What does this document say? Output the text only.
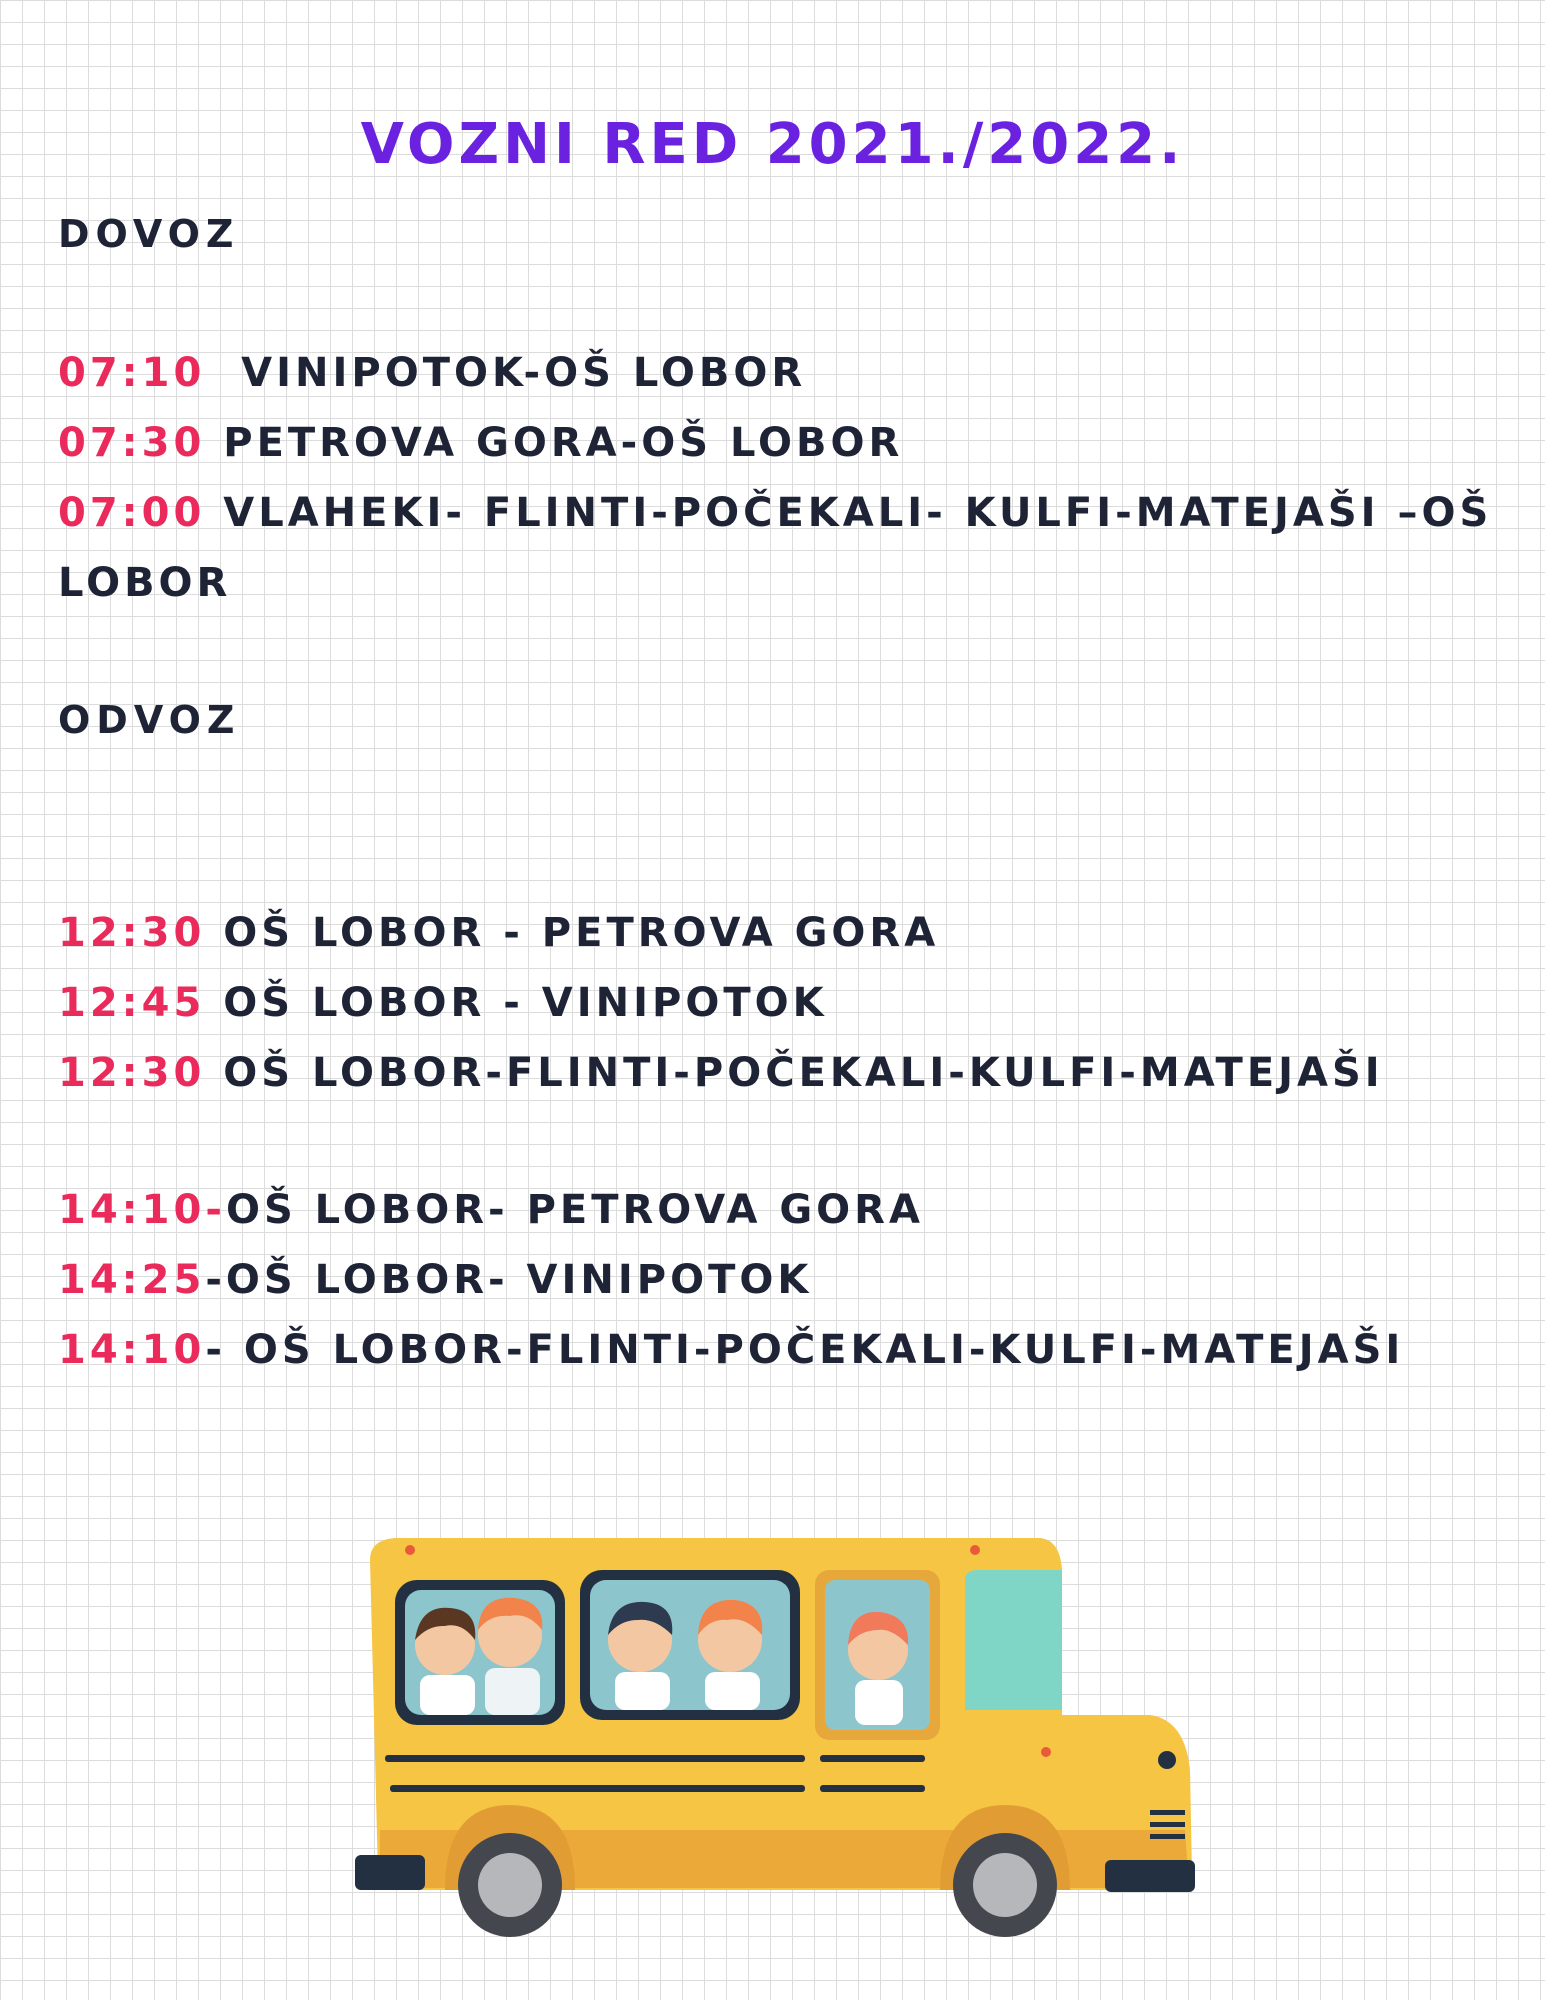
VOZNI RED 2021./2022.
DOVOZ

07:10  VINIPOTOK-OŠ LOBOR

07:30 PETROVA GORA-OŠ LOBOR

07:00 VLAHEKI- FLINTI-POČEKALI- KULFI-MATEJAŠI –OŠ LOBOR

ODVOZ

12:30 OŠ LOBOR - PETROVA GORA

12:45 OŠ LOBOR - VINIPOTOK

12:30 OŠ LOBOR-FLINTI-POČEKALI-KULFI-MATEJAŠI

14:10-OŠ LOBOR- PETROVA GORA

14:25-OŠ LOBOR- VINIPOTOK

14:10- OŠ LOBOR-FLINTI-POČEKALI-KULFI-MATEJAŠI
